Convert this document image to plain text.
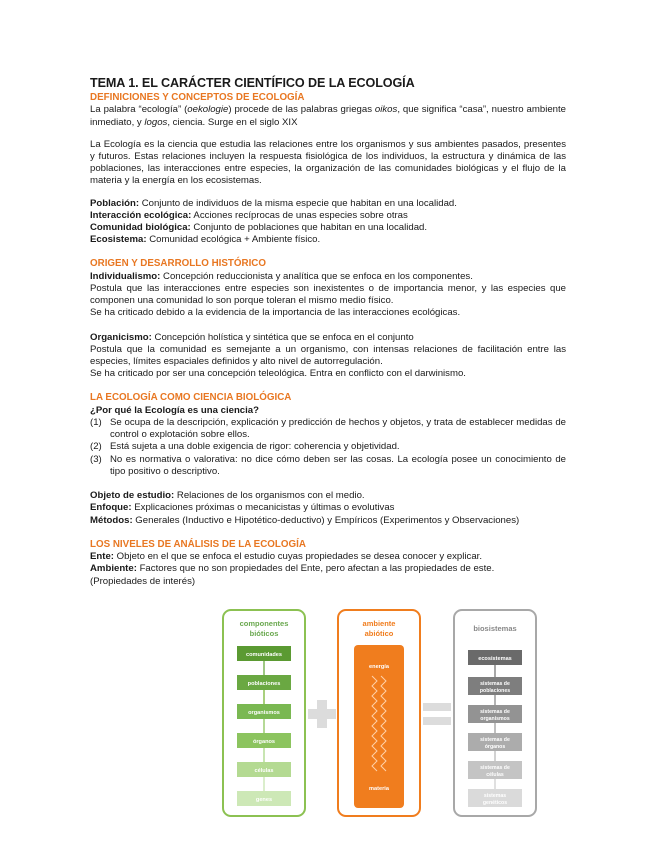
TEMA 1. EL CARÁCTER CIENTÍFICO DE LA ECOLOGÍA
DEFINICIONES Y CONCEPTOS DE ECOLOGÍA

La palabra “ecología” (oekologie) procede de las palabras griegas oikos, que significa “casa”, nuestro ambiente inmediato, y logos, ciencia. Surge en el siglo XIX

La Ecología es la ciencia que estudia las relaciones entre los organismos y sus ambientes pasados, presentes y futuros. Estas relaciones incluyen la respuesta fisiológica de los individuos, la estructura y dinámica de las poblaciones, las interacciones entre especies, la organización de las comunidades biológicas y el flujo de la materia y la energía en los ecosistemas.

Población: Conjunto de individuos de la misma especie que habitan en una localidad.

Interacción ecológica: Acciones recíprocas de unas especies sobre otras

Comunidad biológica: Conjunto de poblaciones que habitan en una localidad.

Ecosistema: Comunidad ecológica + Ambiente físico.

ORIGEN Y DESARROLLO HISTÓRICO

Individualismo: Concepción reduccionista y analítica que se enfoca en los componentes.

Postula que las interacciones entre especies son inexistentes o de importancia menor, y las especies que componen una comunidad lo son porque toleran el mismo medio físico.

Se ha criticado debido a la evidencia de la importancia de las interacciones ecológicas.

Organicismo: Concepción holística y sintética que se enfoca en el conjunto

Postula que la comunidad es semejante a un organismo, con intensas relaciones de facilitación entre las especies, límites espaciales definidos y alto nivel de autorregulación.

Se ha criticado por ser una concepción teleológica. Entra en conflicto con el darwinismo.

LA ECOLOGÍA COMO CIENCIA BIOLÓGICA

¿Por qué la Ecología es una ciencia?

(1) Se ocupa de la descripción, explicación y predicción de hechos y objetos, y trata de establecer medidas de control o explotación sobre ellos.
(2) Está sujeta a una doble exigencia de rigor: coherencia y objetividad.
(3) No es normativa o valorativa: no dice cómo deben ser las cosas. La ecología posee un conocimiento de tipo positivo o descriptivo.

Objeto de estudio: Relaciones de los organismos con el medio.

Enfoque: Explicaciones próximas o mecanicistas y últimas o evolutivas

Métodos: Generales (Inductivo e Hipotético-deductivo) y Empíricos (Experimentos y Observaciones)

LOS NIVELES DE ANÁLISIS DE LA ECOLOGÍA

Ente: Objeto en el que se enfoca el estudio cuyas propiedades se desea conocer y explicar.

Ambiente: Factores que no son propiedades del Ente, pero afectan a las propiedades de este.

(Propiedades de interés)

componentes
bióticos
comunidades
poblaciones
organismos
órganos
células
genes
ambiente
abiótico
energía
materia
biosistemas
ecosistemas
sistemas de
poblaciones
sistemas de
organismos
sistemas de
órganos
sistemas de
células
sistemas
genéticos
